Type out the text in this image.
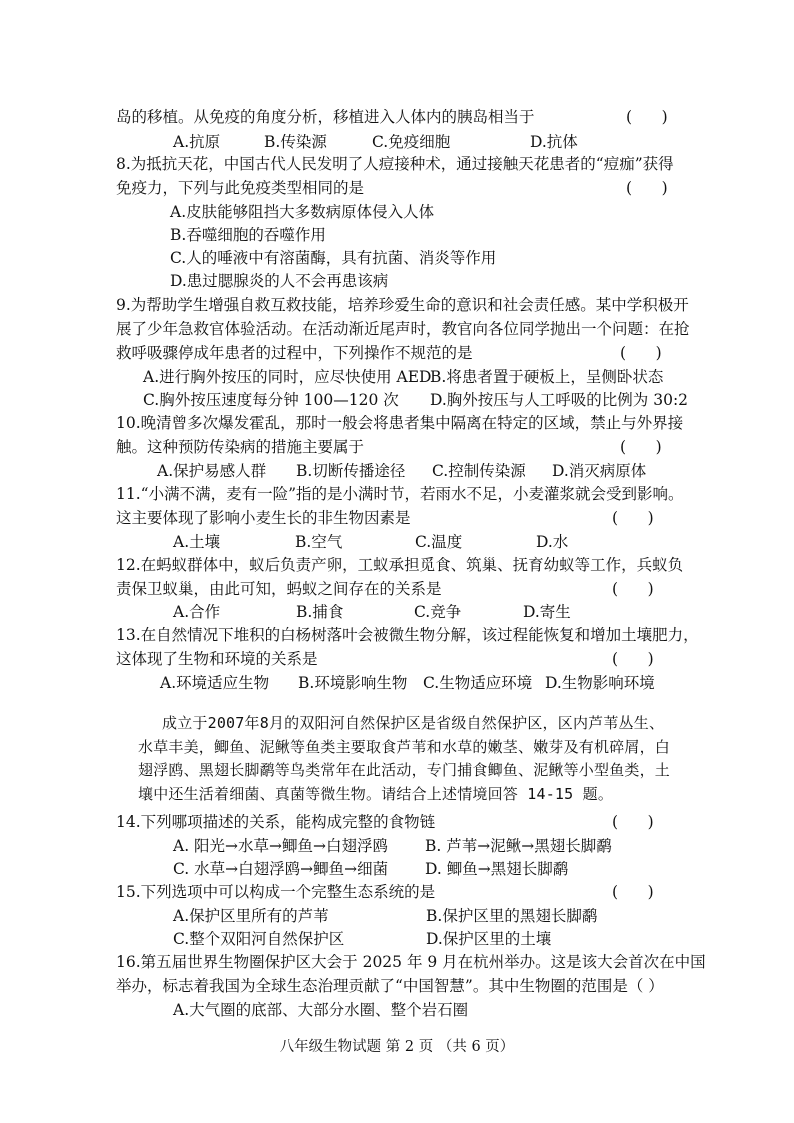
岛的移植。从免疫的角度分析，移植进入人体内的胰岛相当于	(      )
A.抗原	B.传染源	C.免疫细胞	D.抗体
8.为抵抗天花，中国古代人民发明了人痘接种术，通过接触天花患者的“痘痂”获得
免疫力，下列与此免疫类型相同的是	(      )
A.皮肤能够阻挡大多数病原体侵入人体
B.吞噬细胞的吞噬作用
C.人的唾液中有溶菌酶，具有抗菌、消炎等作用
D.患过腮腺炎的人不会再患该病
9.为帮助学生增强自救互救技能，培养珍爱生命的意识和社会责任感。某中学积极开
展了少年急救官体验活动。在活动渐近尾声时，教官向各位同学抛出一个问题：在抢
救呼吸骤停成年患者的过程中，下列操作不规范的是	(      )
A.进行胸外按压的同时，应尽快使用 AED
B.将患者置于硬板上，呈侧卧状态
C.胸外按压速度每分钟 100—120 次 D.胸外按压与人工呼吸的比例为 30:2
10.晚清曾多次爆发霍乱，那时一般会将患者集中隔离在特定的区域，禁止与外界接
触。这种预防传染病的措施主要属于	(      )
A.保护易感人群 B.切断传播途径 C.控制传染源 D.消灭病原体
11.“小满不满，麦有一险”指的是小满时节，若雨水不足，小麦灌浆就会受到影响。
这主要体现了影响小麦生长的非生物因素是	(      )
A.土壤	B.空气	C.温度	D.水
12.在蚂蚁群体中，蚁后负责产卵，工蚁承担觅食、筑巢、抚育幼蚁等工作，兵蚁负
责保卫蚁巢，由此可知，蚂蚁之间存在的关系是	(      )
A.合作	B.捕食	C.竞争	D.寄生
13.在自然情况下堆积的白杨树落叶会被微生物分解，该过程能恢复和增加土壤肥力，
这体现了生物和环境的关系是	(      )
A.环境适应生物 B.环境影响生物 C.生物适应环境 D.生物影响环境
成立于2007年8月的双阳河自然保护区是省级自然保护区，区内芦苇丛生、水草丰美，鲫鱼、泥鳅等鱼类主要取食芦苇和水草的嫩茎、嫩芽及有机碎屑，白翅浮鸥、黑翅长脚鹬等鸟类常年在此活动，专门捕食鲫鱼、泥鳅等小型鱼类，土壤中还生活着细菌、真菌等微生物。请结合上述情境回答 14-15 题。
14.下列哪项描述的关系，能构成完整的食物链	(      )
A. 阳光→水草→鲫鱼→白翅浮鸥 B. 芦苇→泥鳅→黑翅长脚鹬
C. 水草→白翅浮鸥→鲫鱼→细菌 D. 鲫鱼→黑翅长脚鹬
15.下列选项中可以构成一个完整生态系统的是	(      )
A.保护区里所有的芦苇	B.保护区里的黑翅长脚鹬
C.整个双阳河自然保护区	D.保护区里的土壤
16.第五届世界生物圈保护区大会于 2025 年 9 月在杭州举办。这是该大会首次在中国
举办，标志着我国为全球生态治理贡献了“中国智慧”。其中生物圈的范围是（ ）
A.大气圈的底部、大部分水圈、整个岩石圈
八年级生物试题 第 2 页 （共 6 页）
